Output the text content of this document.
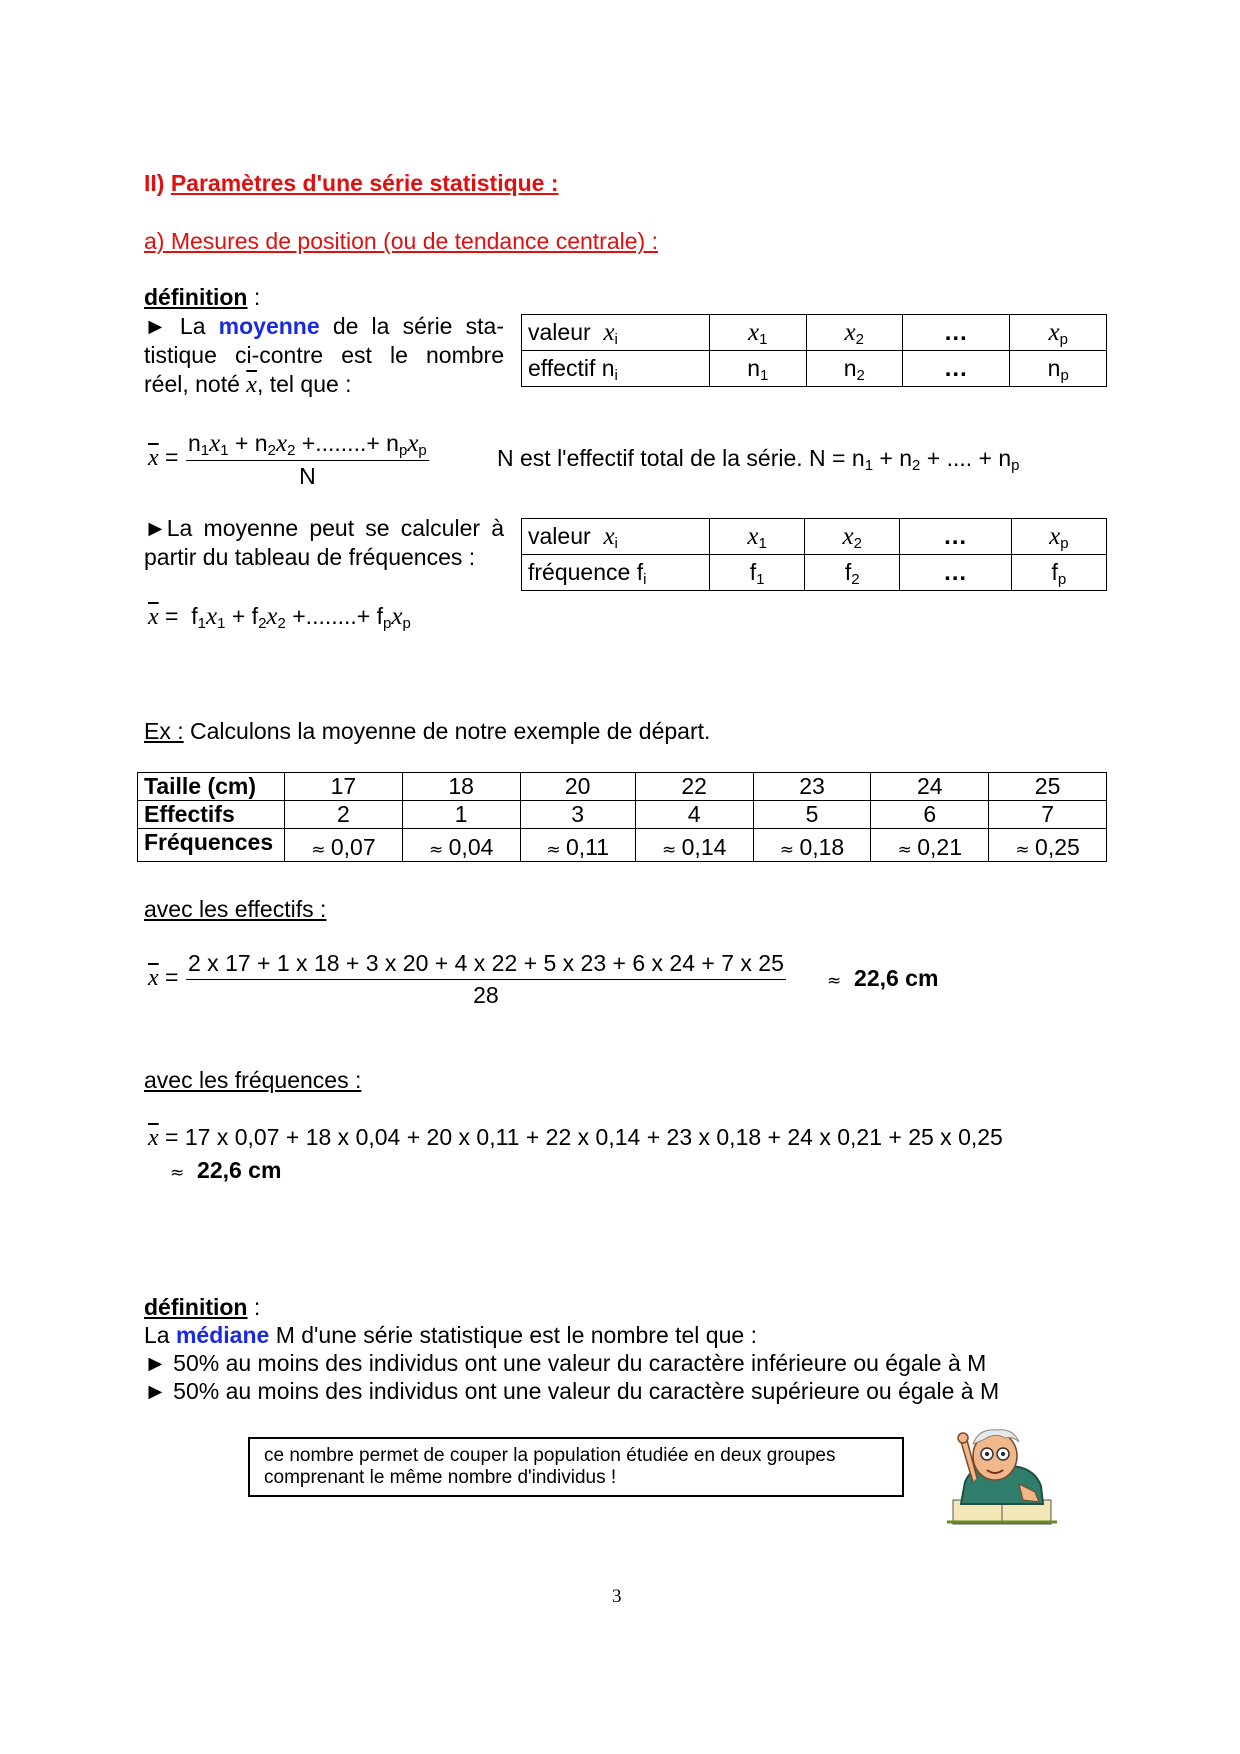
II) Paramètres d'une série statistique :
a) Mesures de position (ou de tendance centrale) :
définition :
► La moyenne de la série sta-
tistique ci-contre est le nombre
réel, noté $\overline{x}$, tel que :
valeur $x_i$	$x_1$	$x_2$	…	$x_p$
effectif $n_i$	$n_1$	$n_2$	…	$n_p$
$\overline{x}$ =
$n_1x_1 + n_2x_2$ +........+ $n_px_p$
N
N est l'effectif total de la série. $N = n_1 + n_2$ + .... + $n_p$
►La moyenne peut se calculer à
partir du tableau de fréquences :
valeur $x_i$	$x_1$	$x_2$	…	$x_p$
fréquence $f_i$	$f_1$	$f_2$	…	$f_p$
$\overline{x} = f_1x_1 + f_2x_2$ +........+ $f_px_p$
Ex : Calculons la moyenne de notre exemple de départ.
Taille (cm)	17	18	20	22	23	24	25
Effectifs	2	1	3	4	5	6	7
Fréquences	≈ 0,07	≈ 0,04	≈ 0,11	≈ 0,14	≈ 0,18	≈ 0,21	≈ 0,25
avec les effectifs :
$\overline{x} = \frac{2 x 17 + 1 x 18 + 3 x 20 + 4 x 22 + 5 x 23 + 6 x 24 + 7 x 25}{28} \approx 22,6$ cm
avec les fréquences :
$\overline{x} = 17$ x 0,07 + 18 x 0,04 + 20 x 0,11 + 22 x 0,14 + 23 x 0,18 + 24 x 0,21 + 25 x 0,25
≈ 22,6 cm
définition :
La médiane M d'une série statistique est le nombre tel que :
► 50% au moins des individus ont une valeur du caractère inférieure ou égale à M
► 50% au moins des individus ont une valeur du caractère supérieure ou égale à M
ce nombre permet de couper la population étudiée en deux groupes
comprenant le même nombre d'individus !
3
